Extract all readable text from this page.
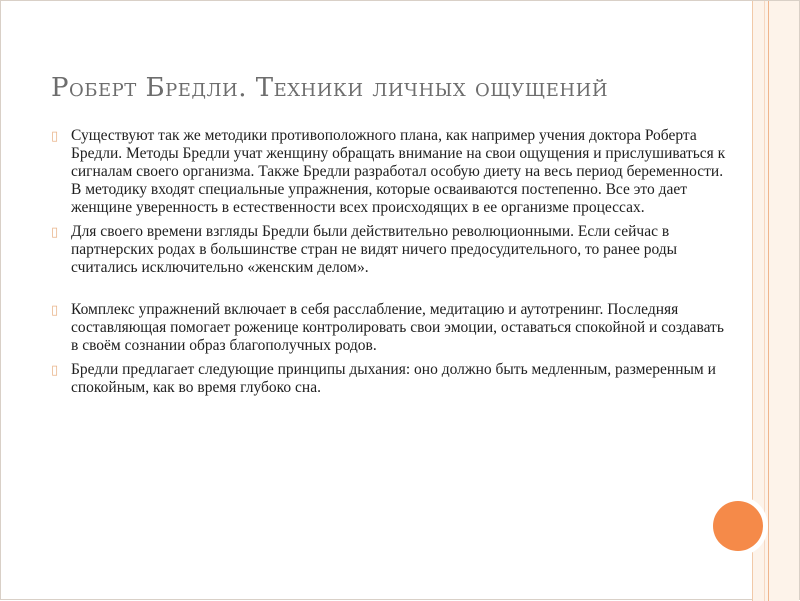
Роберт Бредли. Техники личных ощущений
▯ Существуют так же методики противоположного плана, как например учения доктора Роберта Бредли. Методы Бредли учат женщину обращать внимание на свои ощущения и прислушиваться к сигналам своего организма. Также Бредли разработал особую диету на весь период беременности. В методику входят специальные упражнения, которые осваиваются постепенно. Все это дает женщине уверенность в естественности всех происходящих в ее организме процессах.
▯ Для своего времени взгляды Бредли были действительно революционными. Если сейчас в партнерских родах в большинстве стран не видят ничего предосудительного, то ранее роды считались исключительно «женским делом».
▯ Комплекс упражнений включает в себя расслабление, медитацию и аутотренинг. Последняя составляющая помогает роженице контролировать свои эмоции, оставаться спокойной и создавать в своём сознании образ благополучных родов.
▯ Бредли предлагает следующие принципы дыхания: оно должно быть медленным, размеренным и спокойным, как во время глубоко сна.
